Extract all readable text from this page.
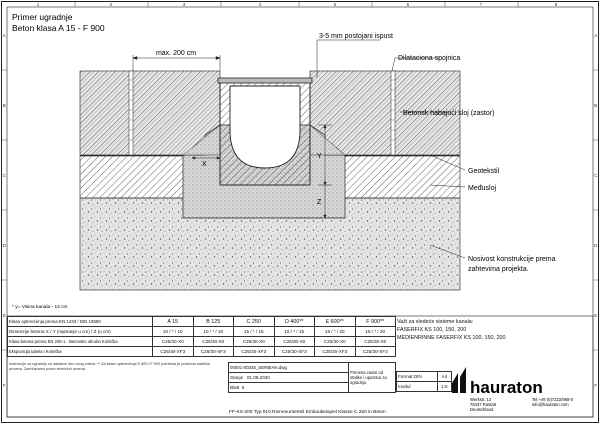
1	2	3	4	5	6	7	8
A
B
C
D
E
F
A
B
C
D
E
F
Primer ugradnje
Beton klasa A 15 - F 900
max. 200 cm
X
Y
Z
3-5 mm postojani ispust
Dilataciona spojnica
Betonsk habajući sloj (zastor)
Geotekstil
Međusloj
Nosivost konstrukcije prema
zahtevima projekta.
* y= Visina kanala - 14 cm
hauraton
Werkstr. 13
76437 Rastatt
Deutschland
Tel.+49 (0)7222/958-0
info@hauraton.com
Klasa opterećenja prema EN 1433 / DIN 19580	A 15	B 125	C 250	D 400**	E 600**	F 900**
Dimenzije betona X / Y (najmanje u cm) / Z (u cm)	10 / * / 10	10 / * / 10	15 / * / 15	15 / * / 15	15 / * / 20	15 / * / 20
Klasa betona prema EN 206-1 · Betonsko obruba Kolnička	C25/30-X0	C25/30-X0	C25/30-X0	C25/30-X0	C25/30-X0	C25/30-X0
Ekspozicija tabela i Kolnička	C25/30-XF3	C25/30-XF3	C25/30-XF3	C25/30-XF3	C25/30-XF3	C25/30-XF3
Važi za sledeće sisteme kanala:
FASERFIX KS 100, 150, 200
MEDIENRINNE FASERFIX KS 100, 150, 200
Instrukcije za ugradnju su sastavni deo ovog crteža. ** Za klase opterećenja E 600 i F 900 potrebna je posebna statička provera. Zadržavamo pravo tehničkih izmena.	00001-00345_SERBIAN.dwg	Primena zavisi od statike i uputstva za ugradnju
Stanje 01.09.2020
Blatt 6
Format DIN	A4
modul	1:5
FF-KS-200 Typ 010 Rinnenunterteil Einbaubeispiel Klasse C 250 in Beton
